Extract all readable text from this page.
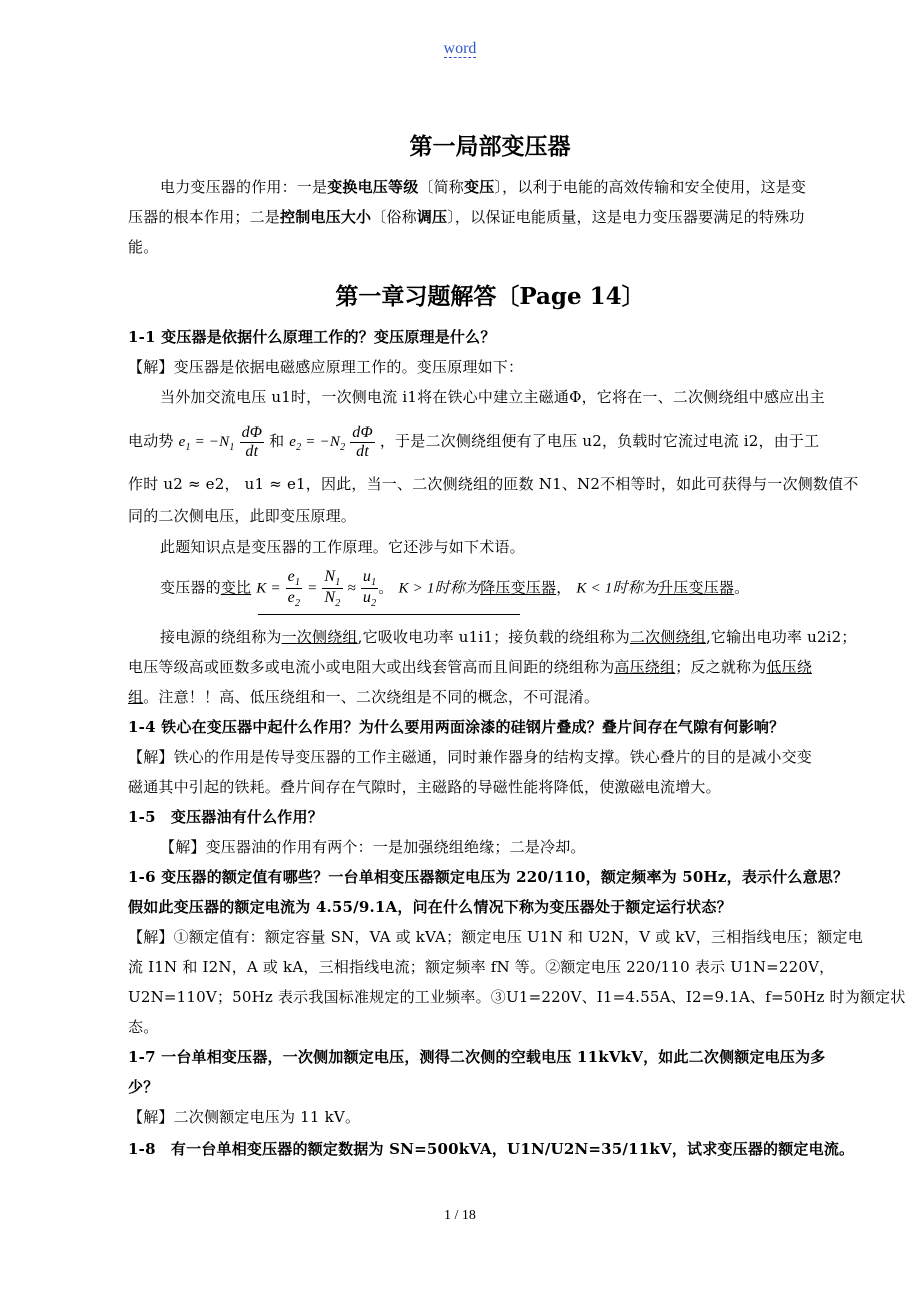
word
第一局部变压器
电力变压器的作用：一是变换电压等级〔简称变压〕，以利于电能的高效传输和安全使用，这是变
压器的根本作用；二是控制电压大小〔俗称调压〕，以保证电能质量，这是电力变压器要满足的特殊功
能。
第一章习题解答〔Page 14〕
1-1 变压器是依据什么原理工作的？变压原理是什么？
【解】变压器是依据电磁感应原理工作的。变压原理如下：
当外加交流电压 u1时，一次侧电流 i1将在铁心中建立主磁通Φ，它将在一、二次侧绕组中感应出主
电动势 $e_1 = -N_1 \frac{d\Phi}{dt}$ 和 $e_2 = -N_2 \frac{d\Phi}{dt}$ ，于是二次侧绕组便有了电压 u2，负载时它流过电流 i2，由于工
作时 u2 ≈ e2， u1 ≈ e1，因此，当一、二次侧绕组的匝数 N1、N2不相等时，如此可获得与一次侧数值不
同的二次侧电压，此即变压原理。
此题知识点是变压器的工作原理。它还涉与如下术语。
变压器的变比 $K = \frac{e_1}{e_2} = \frac{N_1}{N_2} \approx \frac{u_1}{u_2}$ 。 K > 1时称为降压变压器， K < 1时称为升压变压器。
接电源的绕组称为一次侧绕组,它吸收电功率 u1i1；接负载的绕组称为二次侧绕组,它输出电功率 u2i2；
电压等级高或匝数多或电流小或电阻大或出线套管高而且间距的绕组称为高压绕组；反之就称为低压绕
组。注意！！高、低压绕组和一、二次绕组是不同的概念，不可混淆。
1-4 铁心在变压器中起什么作用？为什么要用两面涂漆的硅钢片叠成？叠片间存在气隙有何影响？
【解】铁心的作用是传导变压器的工作主磁通，同时兼作器身的结构支撑。铁心叠片的目的是减小交变
磁通其中引起的铁耗。叠片间存在气隙时，主磁路的导磁性能将降低，使激磁电流增大。
1-5　变压器油有什么作用？
【解】变压器油的作用有两个：一是加强绕组绝缘；二是冷却。
1-6 变压器的额定值有哪些？一台单相变压器额定电压为 220/110，额定频率为 50Hz，表示什么意思？
假如此变压器的额定电流为 4.55/9.1A，问在什么情况下称为变压器处于额定运行状态？
【解】①额定值有：额定容量 SN，VA 或 kVA；额定电压 U1N 和 U2N，V 或 kV，三相指线电压；额定电
流 I1N 和 I2N，A 或 kA，三相指线电流；额定频率 fN 等。②额定电压 220/110 表示 U1N=220V，
U2N=110V；50Hz 表示我国标准规定的工业频率。③U1=220V、I1=4.55A、I2=9.1A、f=50Hz 时为额定状
态。
1-7 一台单相变压器，一次侧加额定电压，测得二次侧的空载电压 11kVkV，如此二次侧额定电压为多
少？
【解】二次侧额定电压为 11 kV。
1-8　有一台单相变压器的额定数据为 SN=500kVA，U1N/U2N=35/11kV，试求变压器的额定电流。
1 / 18
